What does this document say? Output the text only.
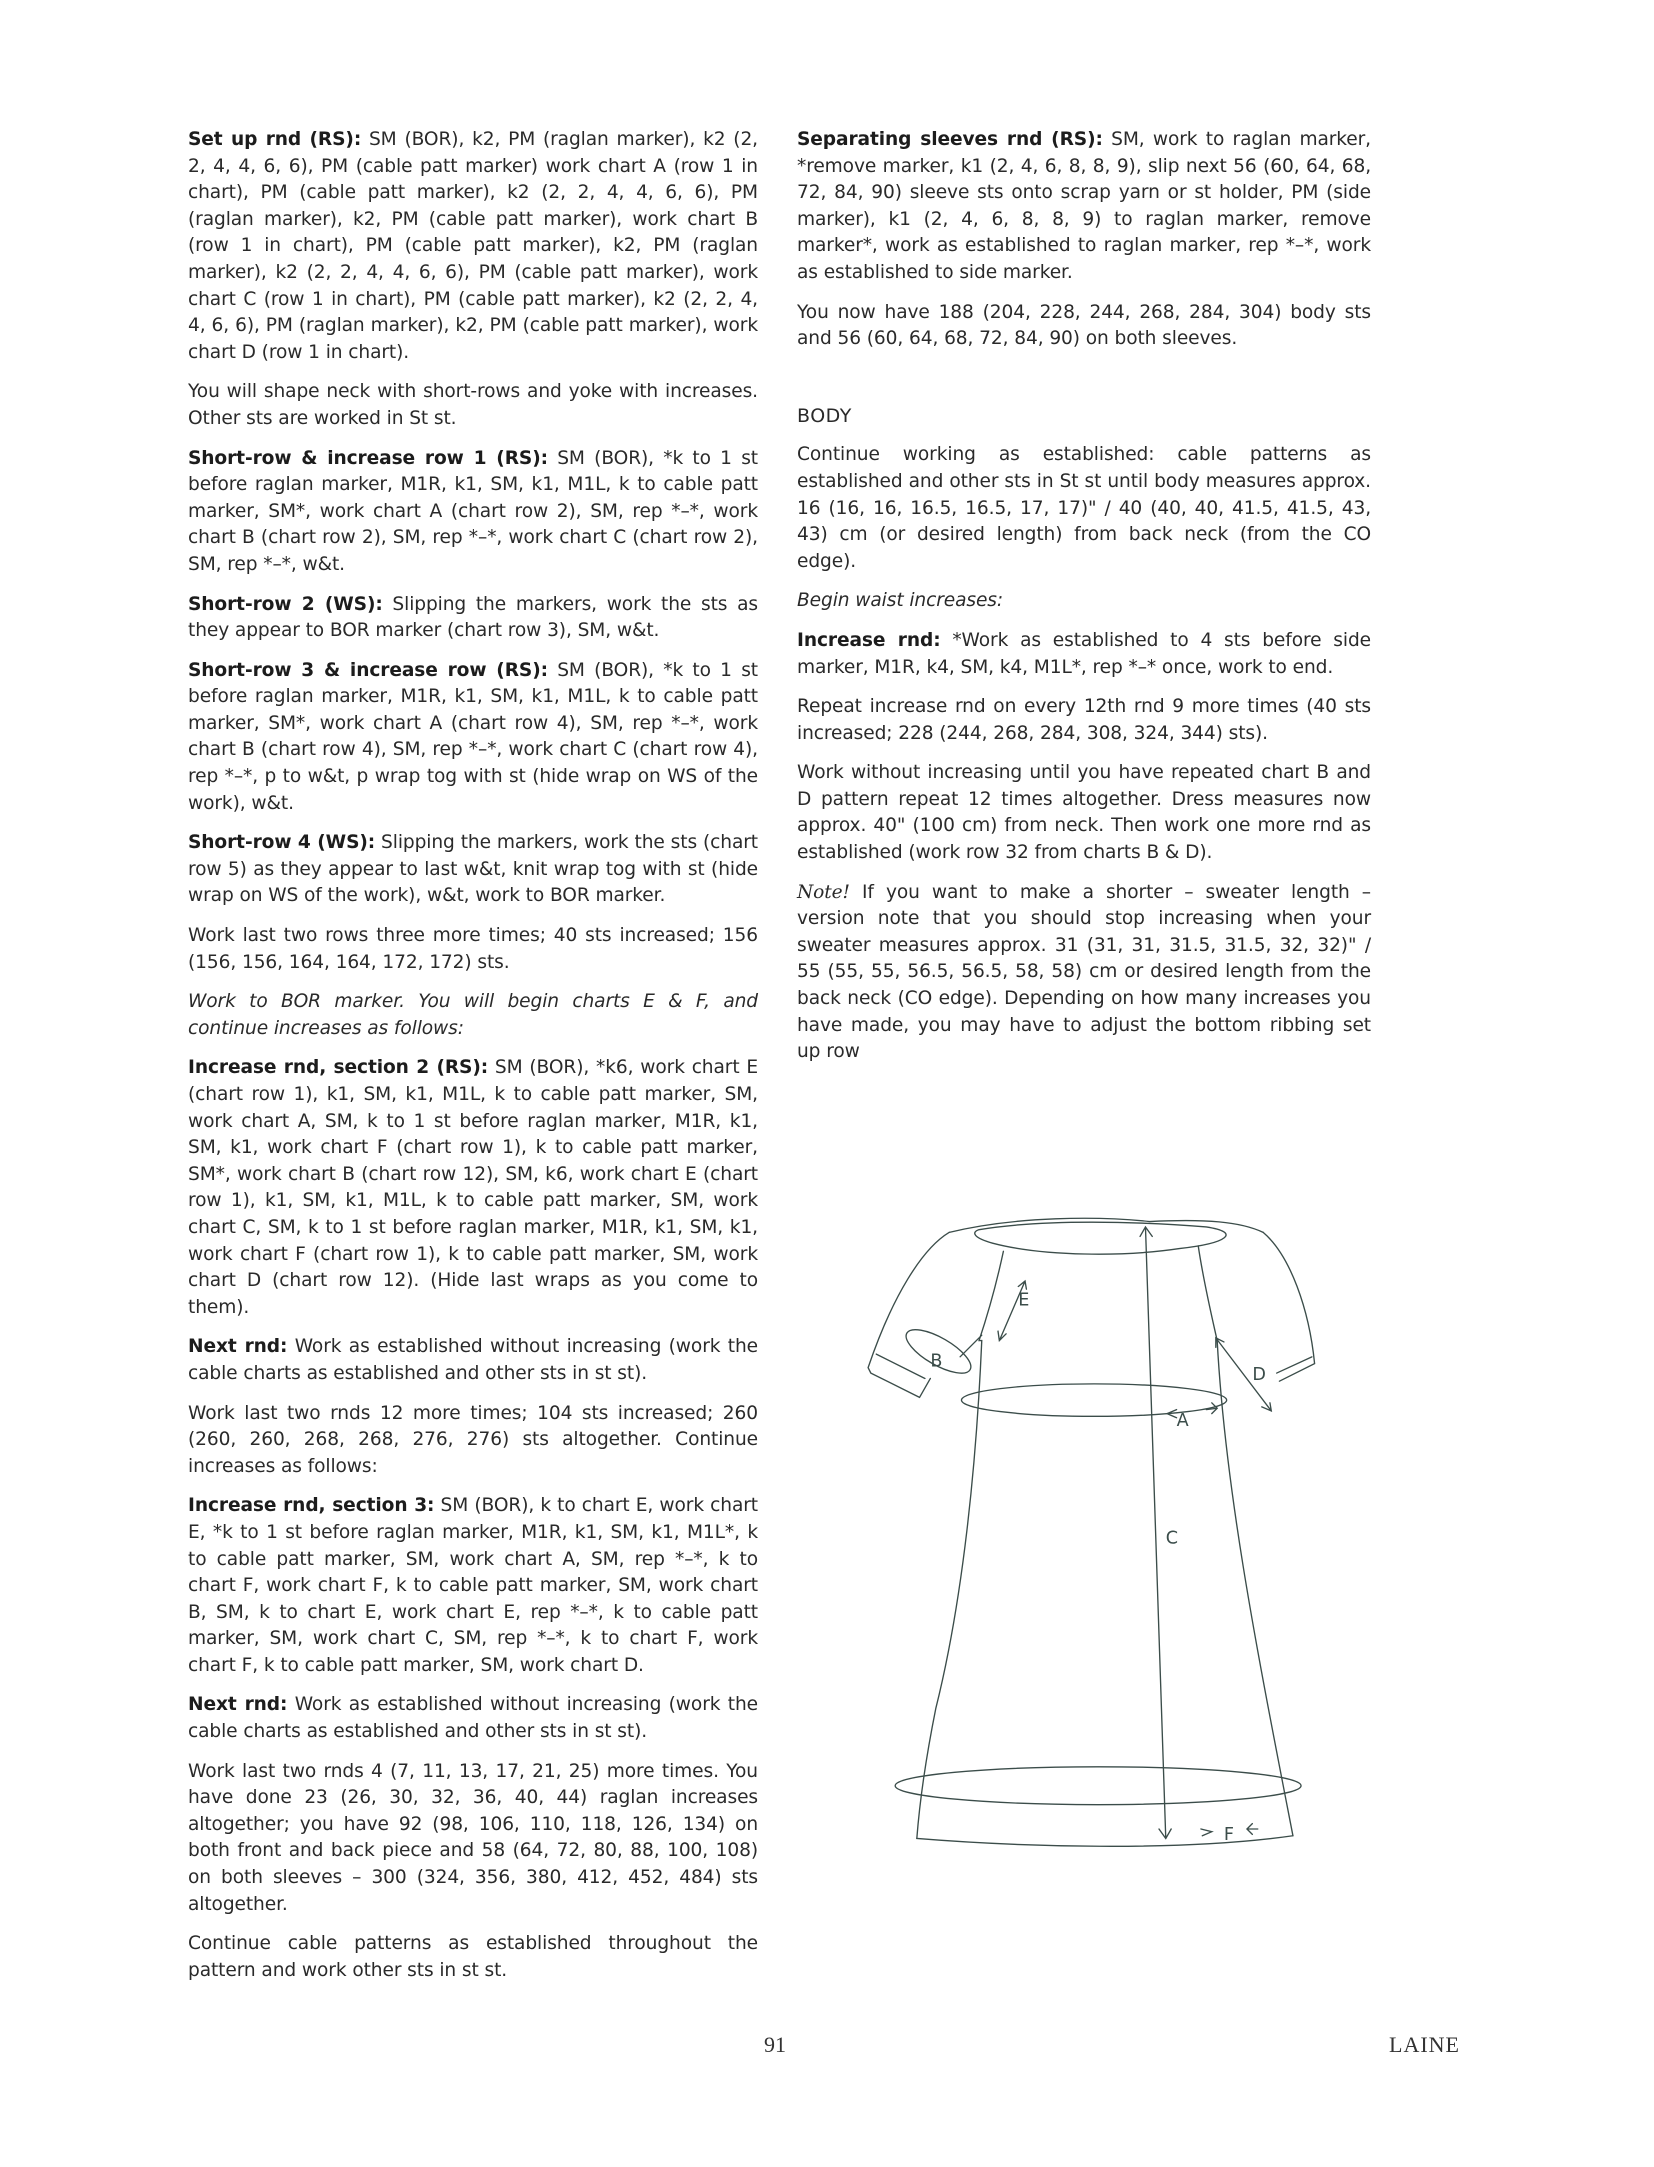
Set up rnd (RS): SM (BOR), k2, PM (raglan marker), k2 (2, 2, 4, 4, 6, 6), PM (cable patt marker) work chart A (row 1 in chart), PM (cable patt marker), k2 (2, 2, 4, 4, 6, 6), PM (raglan marker), k2, PM (cable patt marker), work chart B (row 1 in chart), PM (cable patt marker), k2, PM (raglan marker), k2 (2, 2, 4, 4, 6, 6), PM (cable patt marker), work chart C (row 1 in chart), PM (cable patt marker), k2 (2, 2, 4, 4, 6, 6), PM (raglan marker), k2, PM (cable patt marker), work chart D (row 1 in chart).

You will shape neck with short-rows and yoke with increases. Other sts are worked in St st.

Short-row & increase row 1 (RS): SM (BOR), *k to 1 st before raglan marker, M1R, k1, SM, k1, M1L, k to cable patt marker, SM*, work chart A (chart row 2), SM, rep *–*, work chart B (chart row 2), SM, rep *–*, work chart C (chart row 2), SM, rep *–*, w&t.

Short-row 2 (WS): Slipping the markers, work the sts as they appear to BOR marker (chart row 3), SM, w&t.

Short-row 3 & increase row (RS): SM (BOR), *k to 1 st before raglan marker, M1R, k1, SM, k1, M1L, k to cable patt marker, SM*, work chart A (chart row 4), SM, rep *–*, work chart B (chart row 4), SM, rep *–*, work chart C (chart row 4), rep *–*, p to w&t, p wrap tog with st (hide wrap on WS of the work), w&t.

Short-row 4 (WS): Slipping the markers, work the sts (chart row 5) as they appear to last w&t, knit wrap tog with st (hide wrap on WS of the work), w&t, work to BOR marker.

Work last two rows three more times; 40 sts increased; 156 (156, 156, 164, 164, 172, 172) sts.

Work to BOR marker. You will begin charts E & F, and continue increases as follows:

Increase rnd, section 2 (RS): SM (BOR), *k6, work chart E (chart row 1), k1, SM, k1, M1L, k to cable patt marker, SM, work chart A, SM, k to 1 st before raglan marker, M1R, k1, SM, k1, work chart F (chart row 1), k to cable patt marker, SM*, work chart B (chart row 12), SM, k6, work chart E (chart row 1), k1, SM, k1, M1L, k to cable patt marker, SM, work chart C, SM, k to 1 st before raglan marker, M1R, k1, SM, k1, work chart F (chart row 1), k to cable patt marker, SM, work chart D (chart row 12). (Hide last wraps as you come to them).

Next rnd: Work as established without increasing (work the cable charts as established and other sts in st st).

Work last two rnds 12 more times; 104 sts increased; 260 (260, 260, 268, 268, 276, 276) sts altogether. Continue increases as follows:

Increase rnd, section 3: SM (BOR), k to chart E, work chart E, *k to 1 st before raglan marker, M1R, k1, SM, k1, M1L*, k to cable patt marker, SM, work chart A, SM, rep *–*, k to chart F, work chart F, k to cable patt marker, SM, work chart B, SM, k to chart E, work chart E, rep *–*, k to cable patt marker, SM, work chart C, SM, rep *–*, k to chart F, work chart F, k to cable patt marker, SM, work chart D.

Next rnd: Work as established without increasing (work the cable charts as established and other sts in st st).

Work last two rnds 4 (7, 11, 13, 17, 21, 25) more times. You have done 23 (26, 30, 32, 36, 40, 44) raglan increases altogether; you have 92 (98, 106, 110, 118, 126, 134) on both front and back piece and 58 (64, 72, 80, 88, 100, 108) on both sleeves – 300 (324, 356, 380, 412, 452, 484) sts altogether.

Continue cable patterns as established throughout the pattern and work other sts in st st.

Separating sleeves rnd (RS): SM, work to raglan marker, *remove marker, k1 (2, 4, 6, 8, 8, 9), slip next 56 (60, 64, 68, 72, 84, 90) sleeve sts onto scrap yarn or st holder, PM (side marker), k1 (2, 4, 6, 8, 8, 9) to raglan marker, remove marker*, work as established to raglan marker, rep *–*, work as established to side marker.

You now have 188 (204, 228, 244, 268, 284, 304) body sts and 56 (60, 64, 68, 72, 84, 90) on both sleeves.

BODY

Continue working as established: cable patterns as established and other sts in St st until body measures approx. 16 (16, 16, 16.5, 16.5, 17, 17)" / 40 (40, 40, 41.5, 41.5, 43, 43) cm (or desired length) from back neck (from the CO edge).

Begin waist increases:

Increase rnd: *Work as established to 4 sts before side marker, M1R, k4, SM, k4, M1L*, rep *–* once, work to end.

Repeat increase rnd on every 12th rnd 9 more times (40 sts increased; 228 (244, 268, 284, 308, 324, 344) sts).

Work without increasing until you have repeated chart B and D pattern repeat 12 times altogether. Dress measures now approx. 40" (100 cm) from neck. Then work one more rnd as established (work row 32 from charts B & D).

Note! If you want to make a shorter – sweater length – version note that you should stop increasing when your sweater measures approx. 31 (31, 31, 31.5, 31.5, 32, 32)" / 55 (55, 55, 56.5, 56.5, 58, 58) cm or desired length from the back neck (CO edge). Depending on how many increases you have made, you may have to adjust the bottom ribbing set up row

A
B
C
D
E
F
91	LAINE
